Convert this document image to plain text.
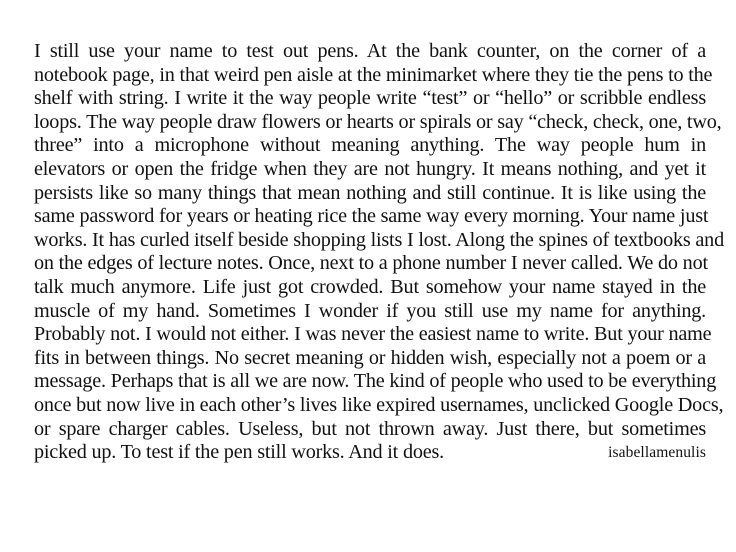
I still use your name to test out pens. At the bank counter, on the corner of a
notebook page, in that weird pen aisle at the minimarket where they tie the pens to the
shelf with string. I write it the way people write “test” or “hello” or scribble endless
loops. The way people draw flowers or hearts or spirals or say “check, check, one, two,
three” into a microphone without meaning anything. The way people hum in
elevators or open the fridge when they are not hungry. It means nothing, and yet it
persists like so many things that mean nothing and still continue. It is like using the
same password for years or heating rice the same way every morning. Your name just
works. It has curled itself beside shopping lists I lost. Along the spines of textbooks and
on the edges of lecture notes. Once, next to a phone number I never called. We do not
talk much anymore. Life just got crowded. But somehow your name stayed in the
muscle of my hand. Sometimes I wonder if you still use my name for anything.
Probably not. I would not either. I was never the easiest name to write. But your name
fits in between things. No secret meaning or hidden wish, especially not a poem or a
message. Perhaps that is all we are now. The kind of people who used to be everything
once but now live in each other’s lives like expired usernames, unclicked Google Docs,
or spare charger cables. Useless, but not thrown away. Just there, but sometimes
picked up. To test if the pen still works. And it does.	isabellamenulis
